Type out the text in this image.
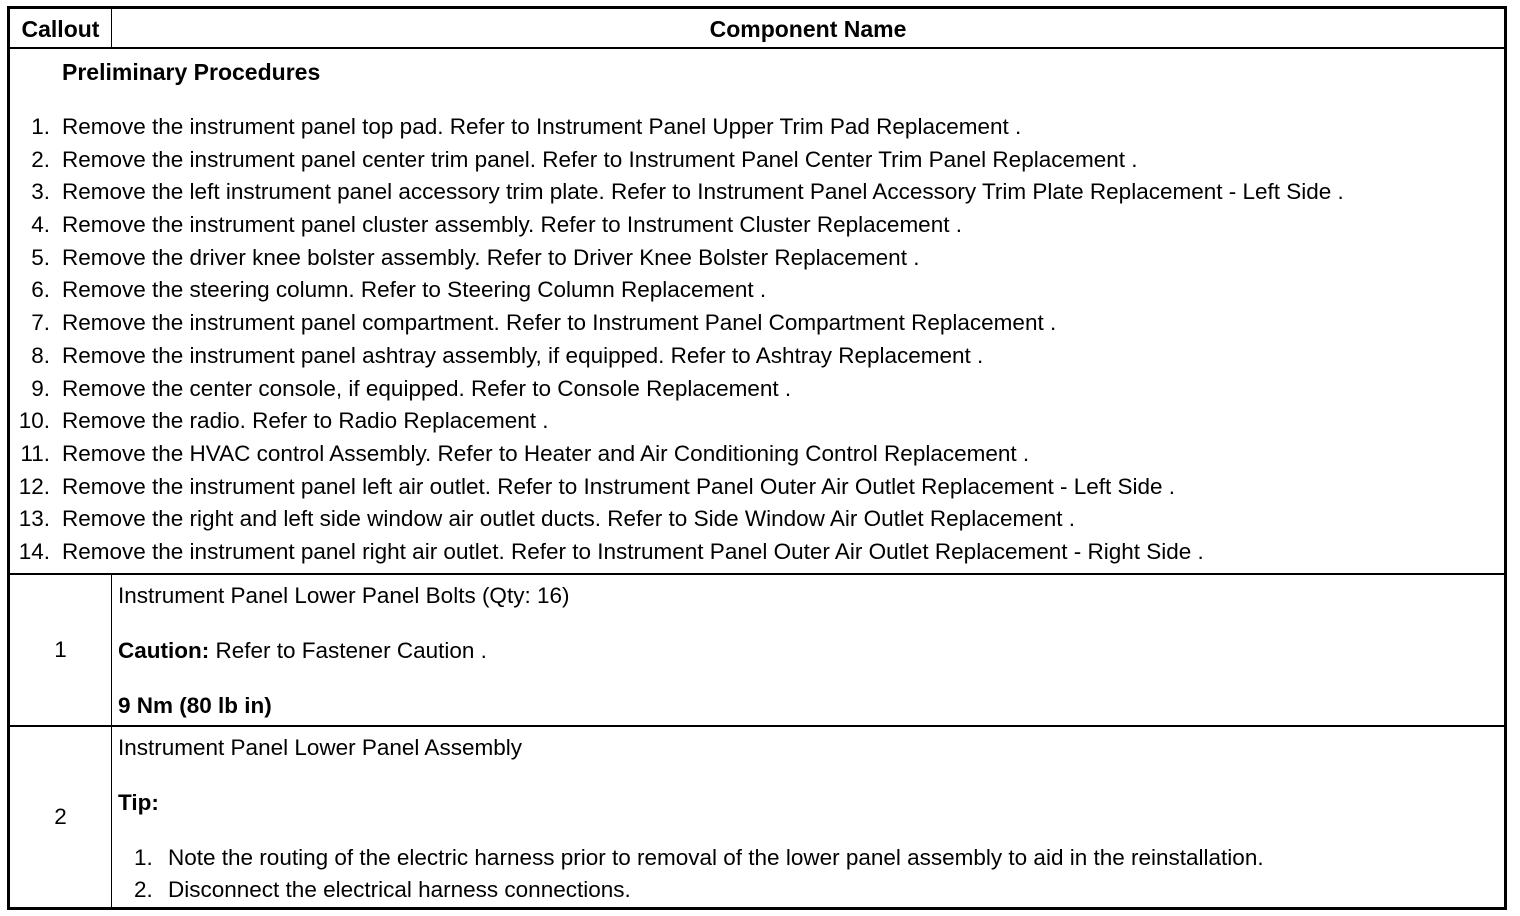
Callout	Component Name
Preliminary Procedures
1. Remove the instrument panel top pad. Refer to Instrument Panel Upper Trim Pad Replacement .
2. Remove the instrument panel center trim panel. Refer to Instrument Panel Center Trim Panel Replacement .
3. Remove the left instrument panel accessory trim plate. Refer to Instrument Panel Accessory Trim Plate Replacement - Left Side .
4. Remove the instrument panel cluster assembly. Refer to Instrument Cluster Replacement .
5. Remove the driver knee bolster assembly. Refer to Driver Knee Bolster Replacement .
6. Remove the steering column. Refer to Steering Column Replacement .
7. Remove the instrument panel compartment. Refer to Instrument Panel Compartment Replacement .
8. Remove the instrument panel ashtray assembly, if equipped. Refer to Ashtray Replacement .
9. Remove the center console, if equipped. Refer to Console Replacement .
10. Remove the radio. Refer to Radio Replacement .
11. Remove the HVAC control Assembly. Refer to Heater and Air Conditioning Control Replacement .
12. Remove the instrument panel left air outlet. Refer to Instrument Panel Outer Air Outlet Replacement - Left Side .
13. Remove the right and left side window air outlet ducts. Refer to Side Window Air Outlet Replacement .
14. Remove the instrument panel right air outlet. Refer to Instrument Panel Outer Air Outlet Replacement - Right Side .
1
Instrument Panel Lower Panel Bolts (Qty: 16)
Caution: Refer to Fastener Caution .
9 Nm (80 lb in)
2
Instrument Panel Lower Panel Assembly
Tip:
1. Note the routing of the electric harness prior to removal of the lower panel assembly to aid in the reinstallation.
2. Disconnect the electrical harness connections.
